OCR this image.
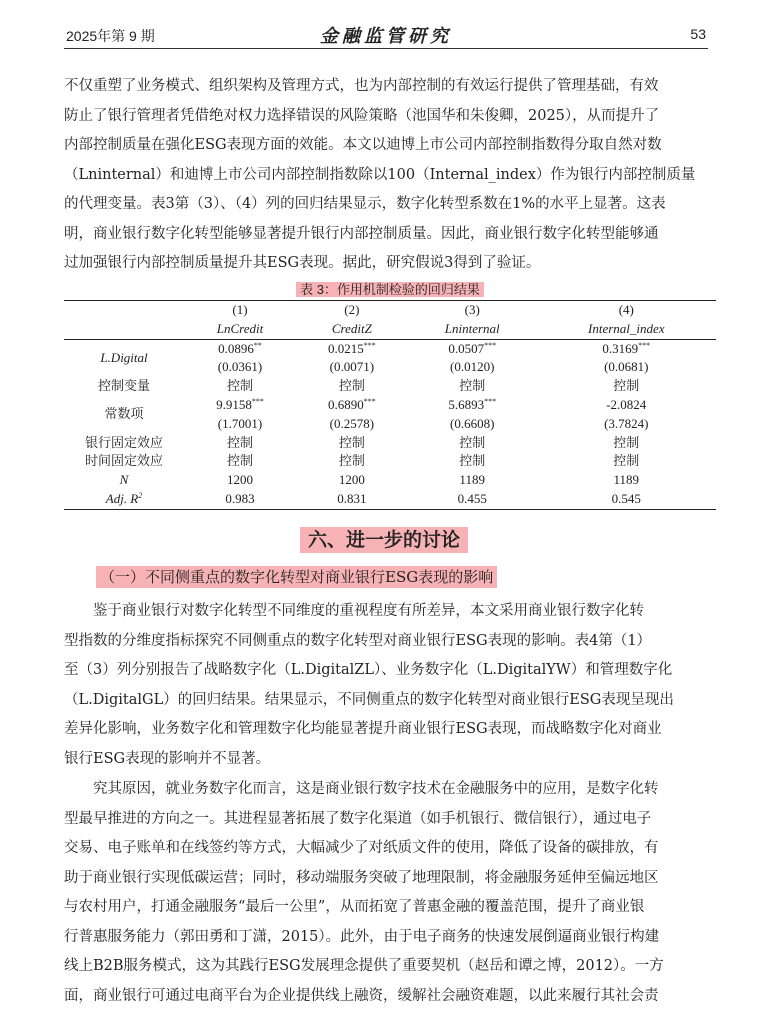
2025年第 9 期	金融监管研究	53
不仅重塑了业务模式、组织架构及管理方式，也为内部控制的有效运行提供了管理基础，有效
防止了银行管理者凭借绝对权力选择错误的风险策略（池国华和朱俊卿，2025），从而提升了
内部控制质量在强化ESG表现方面的效能。本文以迪博上市公司内部控制指数得分取自然对数
（Lninternal）和迪博上市公司内部控制指数除以100（Internal_index）作为银行内部控制质量
的代理变量。表3第（3）、（4）列的回归结果显示，数字化转型系数在1%的水平上显著。这表
明，商业银行数字化转型能够显著提升银行内部控制质量。因此，商业银行数字化转型能够通
过加强银行内部控制质量提升其ESG表现。据此，研究假说3得到了验证。
表 3：作用机制检验的回归结果
	(1)	(2)	(3)	(4)
	LnCredit	CreditZ	Lninternal	Internal_index
L.Digital	0.0896**	0.0215***	0.0507***	0.3169***
	(0.0361)	(0.0071)	(0.0120)	(0.0681)
控制变量	控制	控制	控制	控制
常数项	9.9158***	0.6890***	5.6893***	-2.0824
	(1.7001)	(0.2578)	(0.6608)	(3.7824)
银行固定效应	控制	控制	控制	控制
时间固定效应	控制	控制	控制	控制
N	1200	1200	1189	1189
Adj. $R^2$	0.983	0.831	0.455	0.545
六、进一步的讨论
（一）不同侧重点的数字化转型对商业银行ESG表现的影响
鉴于商业银行对数字化转型不同维度的重视程度有所差异，本文采用商业银行数字化转
型指数的分维度指标探究不同侧重点的数字化转型对商业银行ESG表现的影响。表4第（1）
至（3）列分别报告了战略数字化（L.DigitalZL）、业务数字化（L.DigitalYW）和管理数字化
（L.DigitalGL）的回归结果。结果显示，不同侧重点的数字化转型对商业银行ESG表现呈现出
差异化影响，业务数字化和管理数字化均能显著提升商业银行ESG表现，而战略数字化对商业
银行ESG表现的影响并不显著。
究其原因，就业务数字化而言，这是商业银行数字技术在金融服务中的应用，是数字化转
型最早推进的方向之一。其进程显著拓展了数字化渠道（如手机银行、微信银行），通过电子
交易、电子账单和在线签约等方式，大幅减少了对纸质文件的使用，降低了设备的碳排放，有
助于商业银行实现低碳运营；同时，移动端服务突破了地理限制，将金融服务延伸至偏远地区
与农村用户，打通金融服务“最后一公里”，从而拓宽了普惠金融的覆盖范围，提升了商业银
行普惠服务能力（郭田勇和丁潇，2015）。此外，由于电子商务的快速发展倒逼商业银行构建
线上B2B服务模式，这为其践行ESG发展理念提供了重要契机（赵岳和谭之博，2012）。一方
面，商业银行可通过电商平台为企业提供线上融资，缓解社会融资难题，以此来履行其社会责
